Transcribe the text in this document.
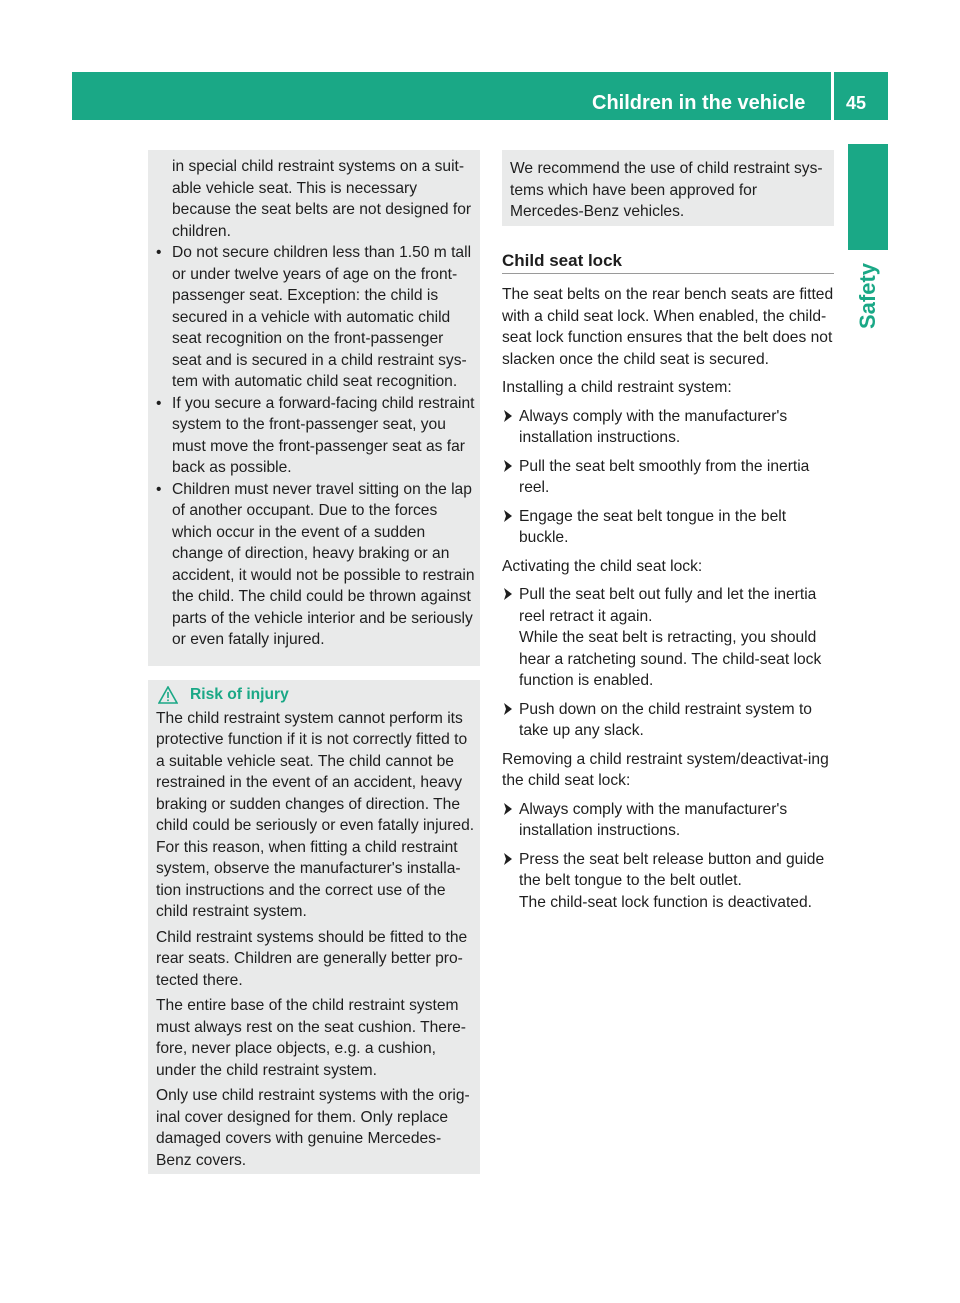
Children in the vehicle	45
Safety

in special child restraint systems on a suit-able vehicle seat. This is necessary because the seat belts are not designed for children.

• Do not secure children less than 1.50 m tall or under twelve years of age on the front-passenger seat. Exception: the child is secured in a vehicle with automatic child seat recognition on the front-passenger seat and is secured in a child restraint sys-tem with automatic child seat recognition.

• If you secure a forward-facing child restraint system to the front-passenger seat, you must move the front-passenger seat as far back as possible.

• Children must never travel sitting on the lap of another occupant. Due to the forces which occur in the event of a sudden change of direction, heavy braking or an accident, it would not be possible to restrain the child. The child could be thrown against parts of the vehicle interior and be seriously or even fatally injured.

Risk of injury

The child restraint system cannot perform its protective function if it is not correctly fitted to a suitable vehicle seat. The child cannot be restrained in the event of an accident, heavy braking or sudden changes of direction. The child could be seriously or even fatally injured. For this reason, when fitting a child restraint system, observe the manufacturer's installa-tion instructions and the correct use of the child restraint system.

Child restraint systems should be fitted to the rear seats. Children are generally better pro-tected there.

The entire base of the child restraint system must always rest on the seat cushion. There-fore, never place objects, e.g. a cushion, under the child restraint system.

Only use child restraint systems with the orig-inal cover designed for them. Only replace damaged covers with genuine Mercedes-Benz covers.

We recommend the use of child restraint sys-tems which have been approved for Mercedes-Benz vehicles.
Child seat lock

The seat belts on the rear bench seats are fitted with a child seat lock. When enabled, the child-seat lock function ensures that the belt does not slacken once the child seat is secured.

Installing a child restraint system:

Always comply with the manufacturer's installation instructions.
Pull the seat belt smoothly from the inertia reel.
Engage the seat belt tongue in the belt buckle.

Activating the child seat lock:

Pull the seat belt out fully and let the inertia reel retract it again.
While the seat belt is retracting, you should hear a ratcheting sound. The child-seat lock function is enabled.
Push down on the child restraint system to take up any slack.

Removing a child restraint system/deactivat-ing the child seat lock:

Always comply with the manufacturer's installation instructions.
Press the seat belt release button and guide the belt tongue to the belt outlet.
The child-seat lock function is deactivated.
